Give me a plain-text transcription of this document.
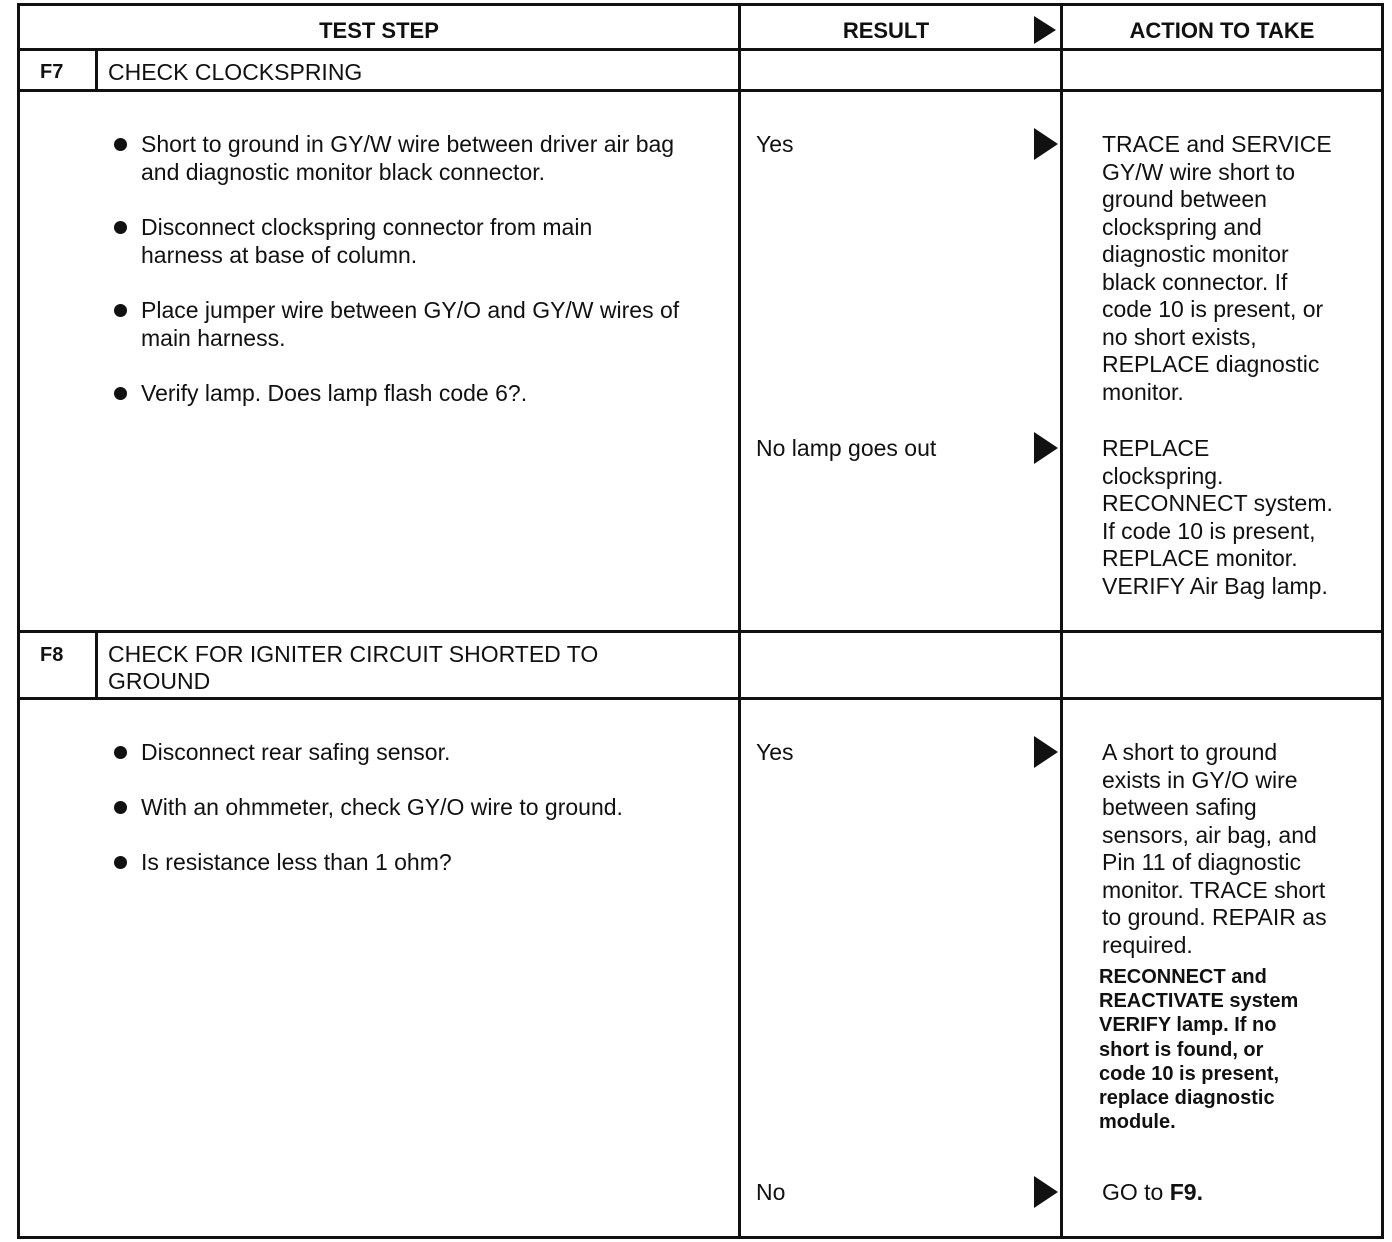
TEST STEP	RESULT	ACTION TO TAKE
F7 CHECK CLOCKSPRING
Short to ground in GY/W wire between driver air bag
and diagnostic monitor black connector.
Disconnect clockspring connector from main
harness at base of column.
Place jumper wire between GY/O and GY/W wires of
main harness.
Verify lamp. Does lamp flash code 6?.
Yes
No lamp goes out
TRACE and SERVICE
GY/W wire short to
ground between
clockspring and
diagnostic monitor
black connector. If
code 10 is present, or
no short exists,
REPLACE diagnostic
monitor.
REPLACE
clockspring.
RECONNECT system.
If code 10 is present,
REPLACE monitor.
VERIFY Air Bag lamp.
F8 CHECK FOR IGNITER CIRCUIT SHORTED TO
GROUND
Disconnect rear safing sensor.
With an ohmmeter, check GY/O wire to ground.
Is resistance less than 1 ohm?
Yes
No
A short to ground
exists in GY/O wire
between safing
sensors, air bag, and
Pin 11 of diagnostic
monitor. TRACE short
to ground. REPAIR as
required.
RECONNECT and
REACTIVATE system
VERIFY lamp. If no
short is found, or
code 10 is present,
replace diagnostic
module.
GO to F9.
